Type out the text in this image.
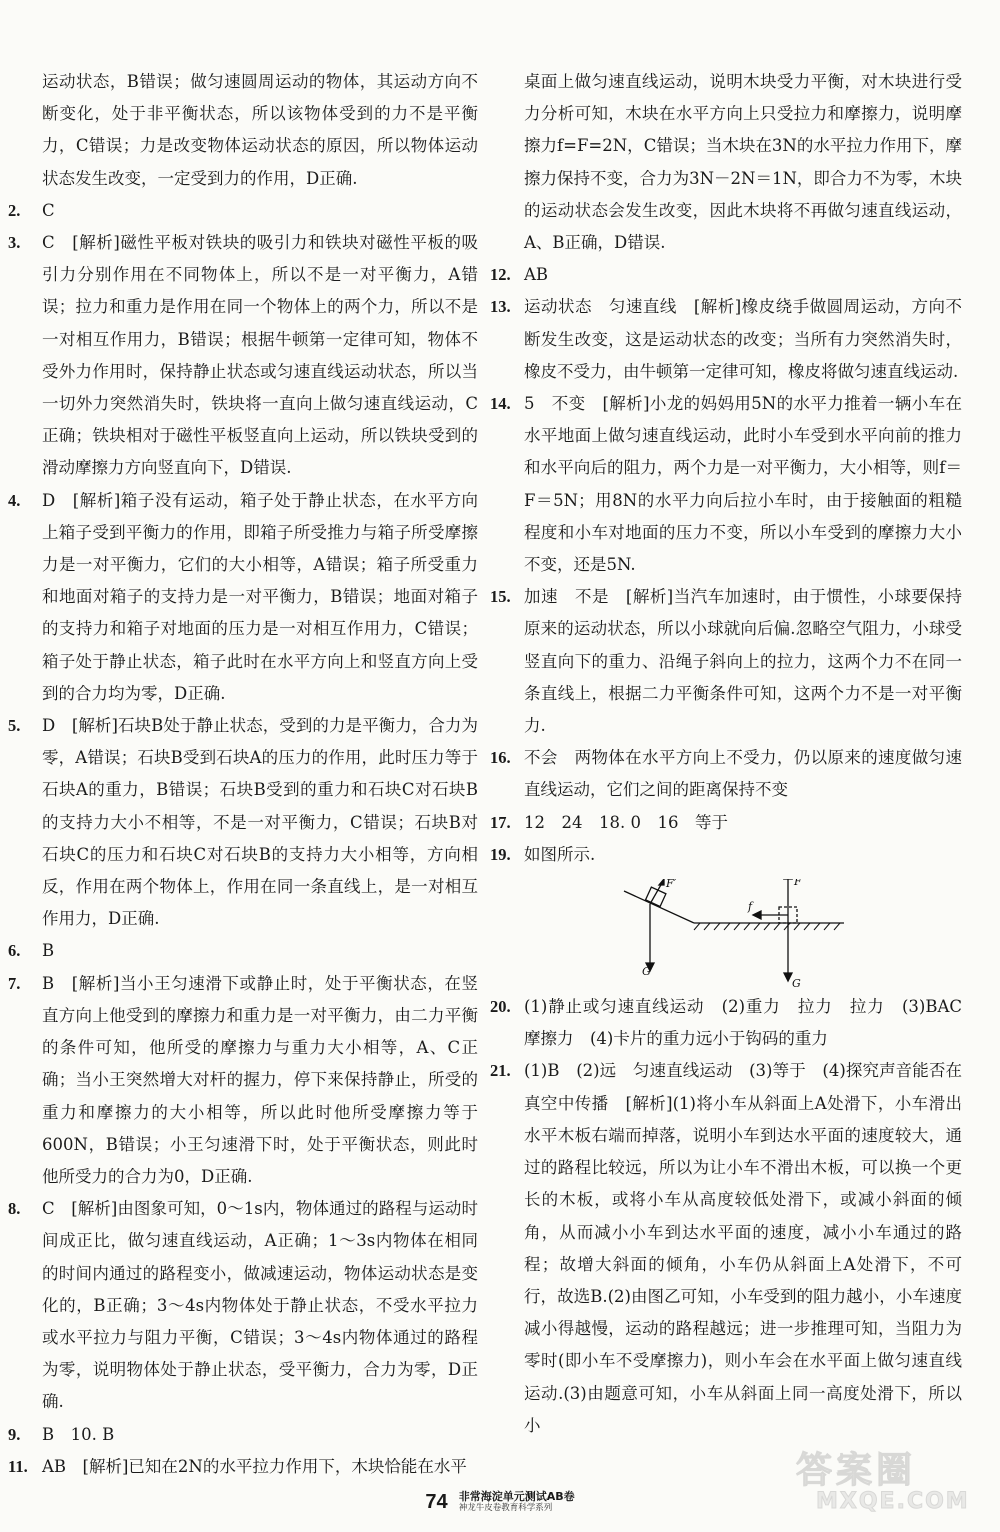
运动状态，B错误；做匀速圆周运动的物体，其运动方向不断变化，处于非平衡状态，所以该物体受到的力不是平衡力，C错误；力是改变物体运动状态的原因，所以物体运动状态发生改变，一定受到力的作用，D正确.

2. C

3. C　[解析]磁性平板对铁块的吸引力和铁块对磁性平板的吸引力分别作用在不同物体上，所以不是一对平衡力，A错误；拉力和重力是作用在同一个物体上的两个力，所以不是一对相互作用力，B错误；根据牛顿第一定律可知，物体不受外力作用时，保持静止状态或匀速直线运动状态，所以当一切外力突然消失时，铁块将一直向上做匀速直线运动，C正确；铁块相对于磁性平板竖直向上运动，所以铁块受到的滑动摩擦力方向竖直向下，D错误.

4. D　[解析]箱子没有运动，箱子处于静止状态，在水平方向上箱子受到平衡力的作用，即箱子所受推力与箱子所受摩擦力是一对平衡力，它们的大小相等，A错误；箱子所受重力和地面对箱子的支持力是一对平衡力，B错误；地面对箱子的支持力和箱子对地面的压力是一对相互作用力，C错误；箱子处于静止状态，箱子此时在水平方向上和竖直方向上受到的合力均为零，D正确.

5. D　[解析]石块B处于静止状态，受到的力是平衡力，合力为零，A错误；石块B受到石块A的压力的作用，此时压力等于石块A的重力，B错误；石块B受到的重力和石块C对石块B的支持力大小不相等，不是一对平衡力，C错误；石块B对石块C的压力和石块C对石块B的支持力大小相等，方向相反，作用在两个物体上，作用在同一条直线上，是一对相互作用力，D正确.

6. B

7. B　[解析]当小王匀速滑下或静止时，处于平衡状态，在竖直方向上他受到的摩擦力和重力是一对平衡力，由二力平衡的条件可知，他所受的摩擦力与重力大小相等，A、C正确；当小王突然增大对杆的握力，停下来保持静止，所受的重力和摩擦力的大小相等，所以此时他所受摩擦力等于600N，B错误；小王匀速滑下时，处于平衡状态，则此时他所受力的合力为0，D正确.

8. C　[解析]由图象可知，0～1s内，物体通过的路程与运动时间成正比，做匀速直线运动，A正确；1～3s内物体在相同的时间内通过的路程变小，做减速运动，物体运动状态是变化的，B正确；3～4s内物体处于静止状态，不受水平拉力或水平拉力与阻力平衡，C错误；3～4s内物体通过的路程为零，说明物体处于静止状态，受平衡力，合力为零，D正确.

9. B　10. B

11. AB　[解析]已知在2N的水平拉力作用下，木块恰能在水平

桌面上做匀速直线运动，说明木块受力平衡，对木块进行受力分析可知，木块在水平方向上只受拉力和摩擦力，说明摩擦力f=F=2N，C错误；当木块在3N的水平拉力作用下，摩擦力保持不变，合力为3N－2N＝1N，即合力不为零，木块的运动状态会发生改变，因此木块将不再做匀速直线运动，A、B正确，D错误.

12. AB

13. 运动状态　匀速直线　[解析]橡皮绕手做圆周运动，方向不断发生改变，这是运动状态的改变；当所有力突然消失时，橡皮不受力，由牛顿第一定律可知，橡皮将做匀速直线运动.

14. 5　不变　[解析]小龙的妈妈用5N的水平力推着一辆小车在水平地面上做匀速直线运动，此时小车受到水平向前的推力和水平向后的阻力，两个力是一对平衡力，大小相等，则f＝F＝5N；用8N的水平力向后拉小车时，由于接触面的粗糙程度和小车对地面的压力不变，所以小车受到的摩擦力大小不变，还是5N.

15. 加速　不是　[解析]当汽车加速时，由于惯性，小球要保持原来的运动状态，所以小球就向后偏.忽略空气阻力，小球受竖直向下的重力、沿绳子斜向上的拉力，这两个力不在同一条直线上，根据二力平衡条件可知，这两个力不是一对平衡力.

16. 不会　两物体在水平方向上不受力，仍以原来的速度做匀速直线运动，它们之间的距离保持不变

17. 12　24　18. 0　16　等于

19. 如图所示.

F′
G
f
F
G

20. (1)静止或匀速直线运动　(2)重力　拉力　拉力　(3)BAC　摩擦力　(4)卡片的重力远小于钩码的重力

21. (1)B　(2)远　匀速直线运动　(3)等于　(4)探究声音能否在真空中传播　[解析](1)将小车从斜面上A处滑下，小车滑出水平木板右端而掉落，说明小车到达水平面的速度较大，通过的路程比较远，所以为让小车不滑出木板，可以换一个更长的木板，或将小车从高度较低处滑下，或减小斜面的倾角，从而减小小车到达水平面的速度，减小小车通过的路程；故增大斜面的倾角，小车仍从斜面上A处滑下，不可行，故选B.(2)由图乙可知，小车受到的阻力越小，小车速度减小得越慢，运动的路程越远；进一步推理可知，当阻力为零时(即小车不受摩擦力)，则小车会在水平面上做匀速直线运动.(3)由题意可知，小车从斜面上同一高度处滑下，所以小

74 非常海淀单元测试AB卷
神龙牛皮卷教育科学系列
答案圈
MXQE.COM
